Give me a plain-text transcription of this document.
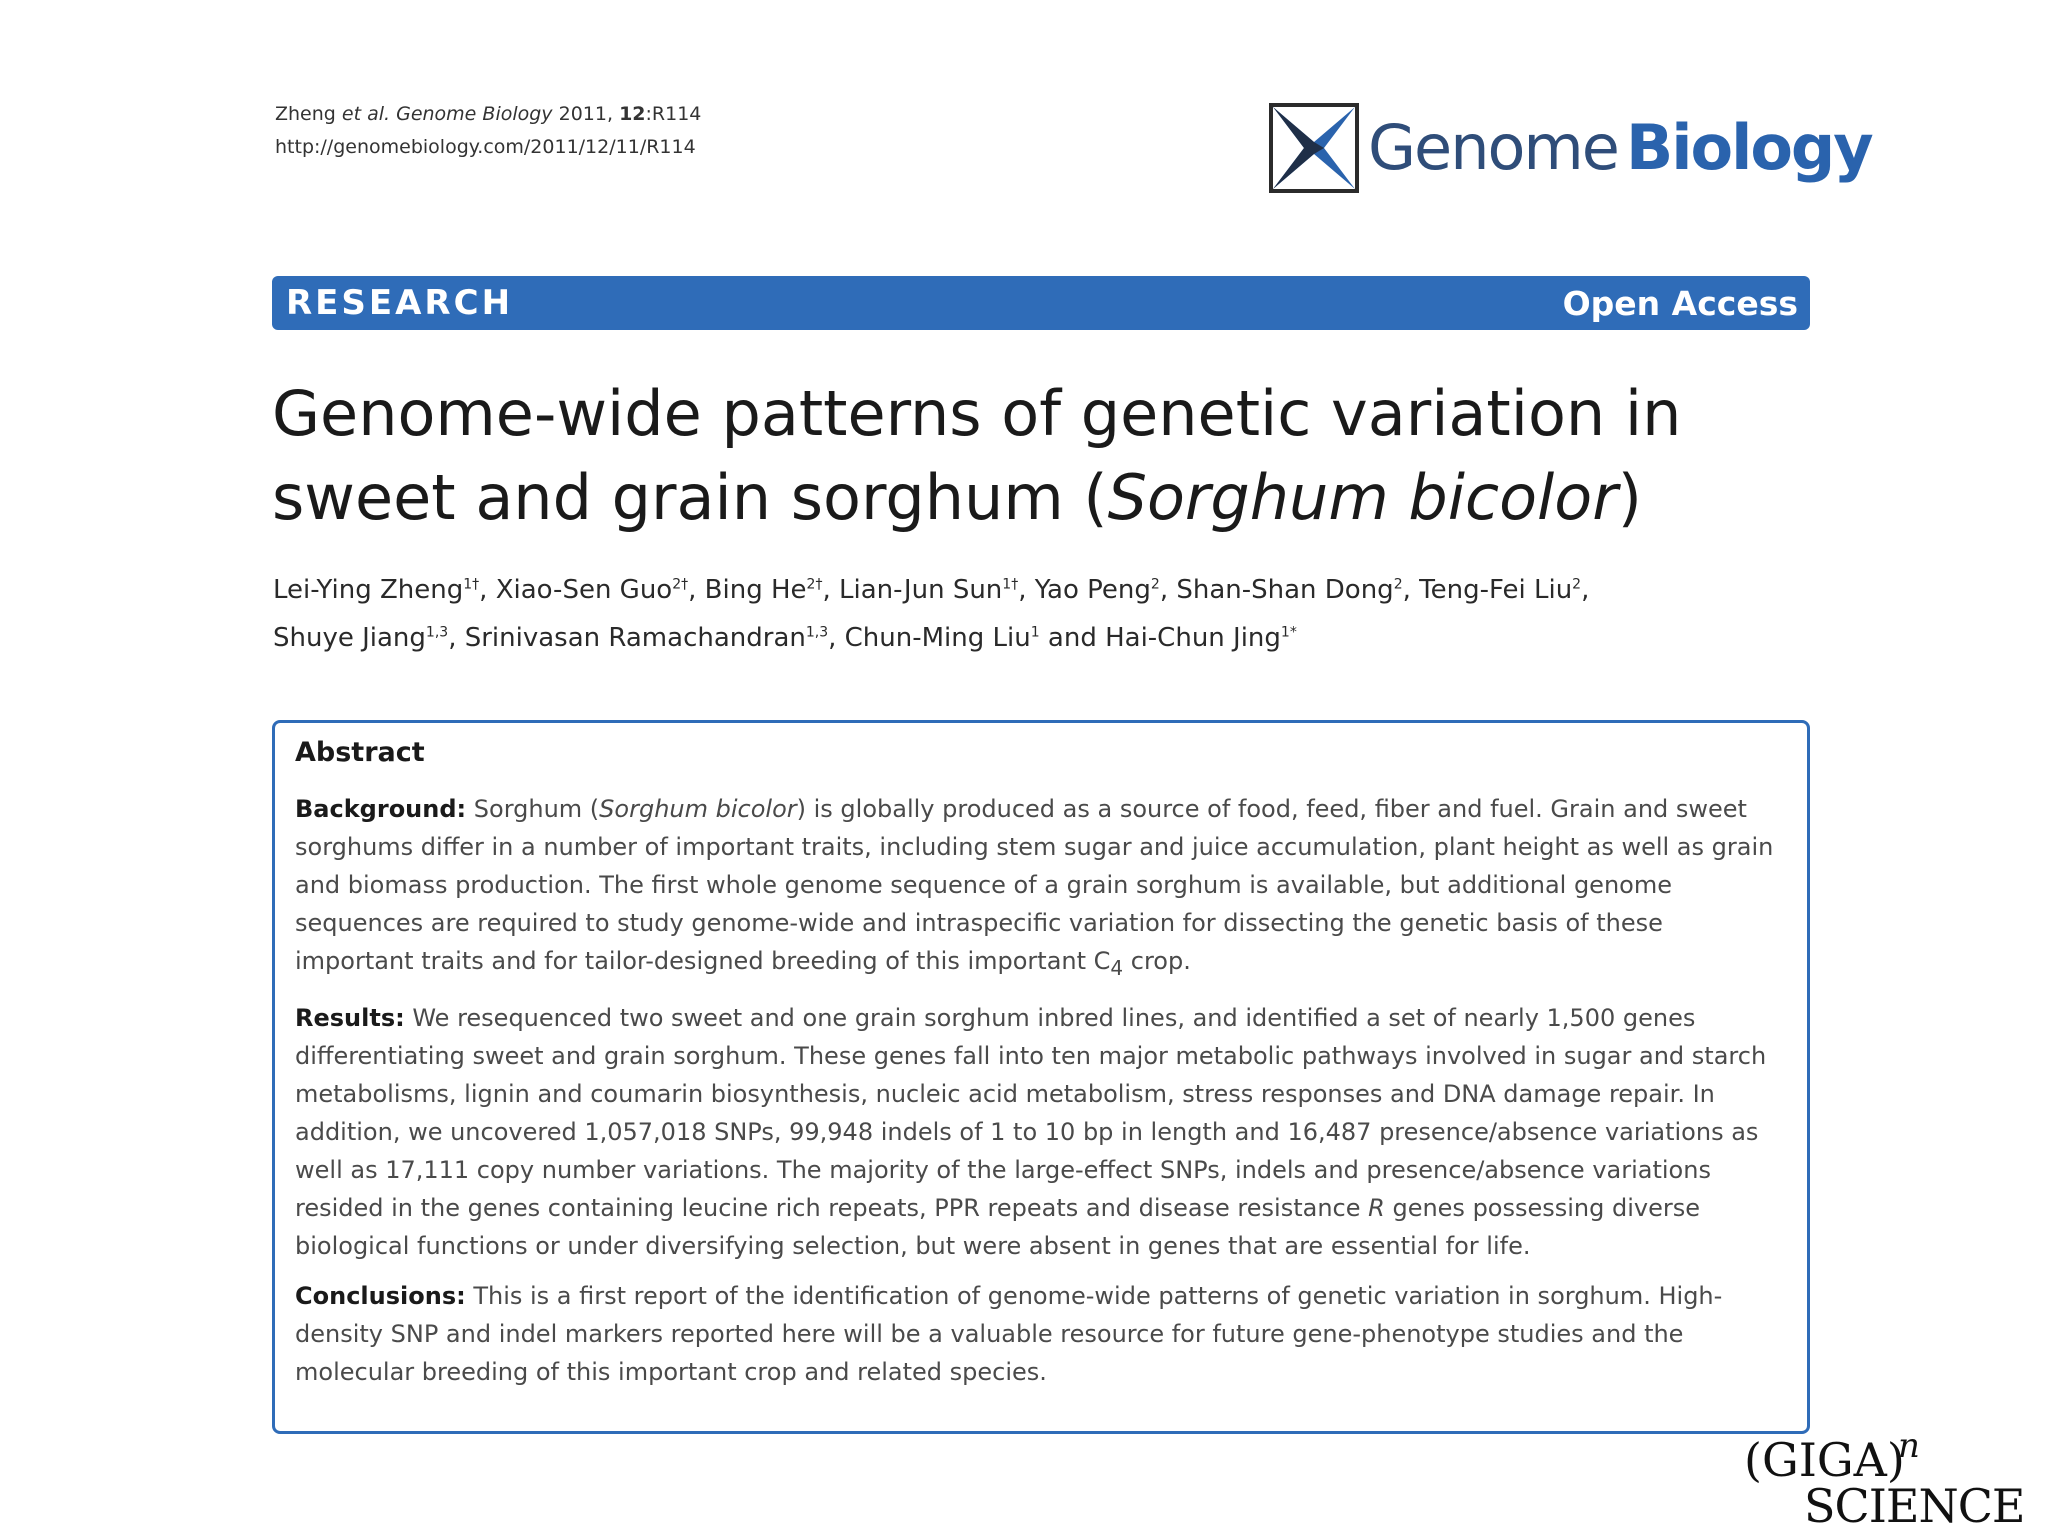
Zheng et al. Genome Biology 2011, 12:R114
http://genomebiology.com/2011/12/11/R114	Genome Biology
RESEARCH	Open Access
Genome-wide patterns of genetic variation in sweet and grain sorghum (Sorghum bicolor)
Lei-Ying Zheng$^{1\dagger}$, Xiao-Sen Guo$^{2\dagger}$, Bing $He^{2\dagger}$, Lian-Jun Sun$^{1\dagger}$, Yao Peng$^2$, Shan-Shan Dong$^2$, Teng-Fei Liu$^2$,
Shuye Jiang$^{1,3}$, Srinivasan Ramachandran$^{1,3}$, Chun-Ming Liu$^1$ and Hai-Chun Jing$^{1*}$
Abstract

Background: Sorghum (Sorghum bicolor) is globally produced as a source of food, feed, fiber and fuel. Grain and sweet sorghums differ in a number of important traits, including stem sugar and juice accumulation, plant height as well as grain and biomass production. The first whole genome sequence of a grain sorghum is available, but additional genome sequences are required to study genome-wide and intraspecific variation for dissecting the genetic basis of these important traits and for tailor-designed breeding of this important $C_4$ crop.

Results: We resequenced two sweet and one grain sorghum inbred lines, and identified a set of nearly 1,500 genes differentiating sweet and grain sorghum. These genes fall into ten major metabolic pathways involved in sugar and starch metabolisms, lignin and coumarin biosynthesis, nucleic acid metabolism, stress responses and DNA damage repair. In addition, we uncovered 1,057,018 SNPs, 99,948 indels of 1 to 10 bp in length and 16,487 presence/absence variations as well as 17,111 copy number variations. The majority of the large-effect SNPs, indels and presence/absence variations resided in the genes containing leucine rich repeats, PPR repeats and disease resistance R genes possessing diverse biological functions or under diversifying selection, but were absent in genes that are essential for life.

Conclusions: This is a first report of the identification of genome-wide patterns of genetic variation in sorghum. High-density SNP and indel markers reported here will be a valuable resource for future gene-phenotype studies and the molecular breeding of this important crop and related species.

(GIGA)
n
SCIENCE
